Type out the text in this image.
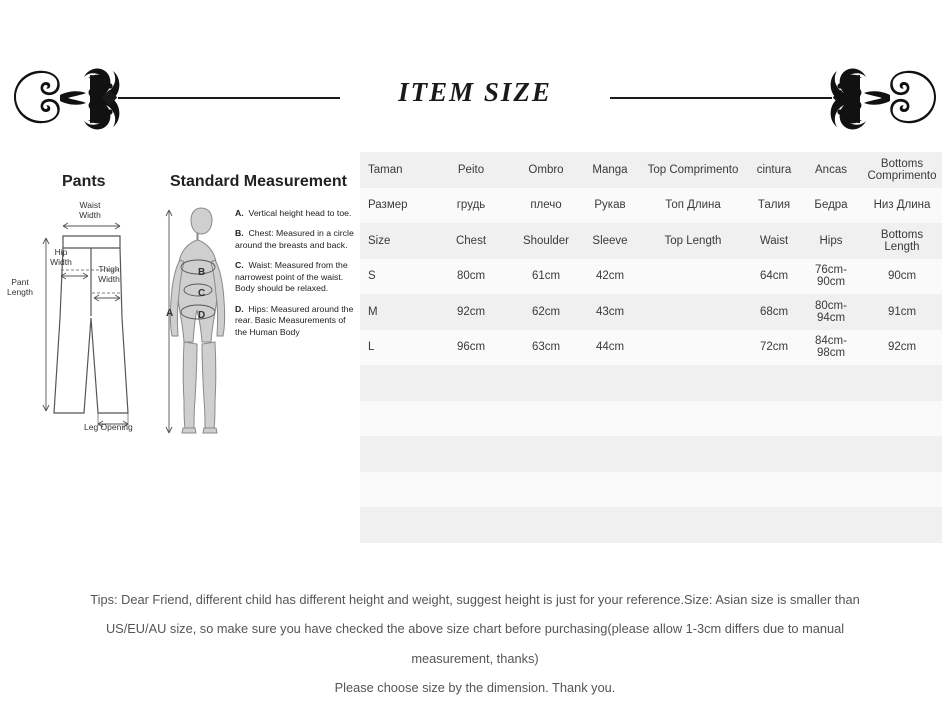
ITEM SIZE
Pants	Standard Measurement
Waist
Width
Hip
Width
Thigh
Width
Pant
Length
Leg Opening
B
C
D
A

A.  Vertical height head to toe.

B.  Chest: Measured in a circle around the breasts and back.

C.  Waist: Measured from the narrowest point of the waist. Body should be relaxed.

D.  Hips: Measured around the rear. Basic Measurements of the Human Body

Taman	Peito	Ombro	Manga	Top Comprimento	cintura	Ancas	Bottoms Comprimento
Размер	грудь	плечо	Рукав	Топ Длина	Талия	Бедра	Низ Длина
Size	Chest	Shoulder	Sleeve	Top Length	Waist	Hips	Bottoms Length
S	80cm	61cm	42cm		64cm	76cm-90cm	90cm
M	92cm	62cm	43cm		68cm	80cm-94cm	91cm
L	96cm	63cm	44cm		72cm	84cm-98cm	92cm

Tips: Dear Friend, different child has different height and weight, suggest height is just for your reference.Size: Asian size is smaller than
US/EU/AU size, so make sure you have checked the above size chart before purchasing(please allow 1-3cm differs due to manual
measurement, thanks)
Please choose size by the dimension. Thank you.
